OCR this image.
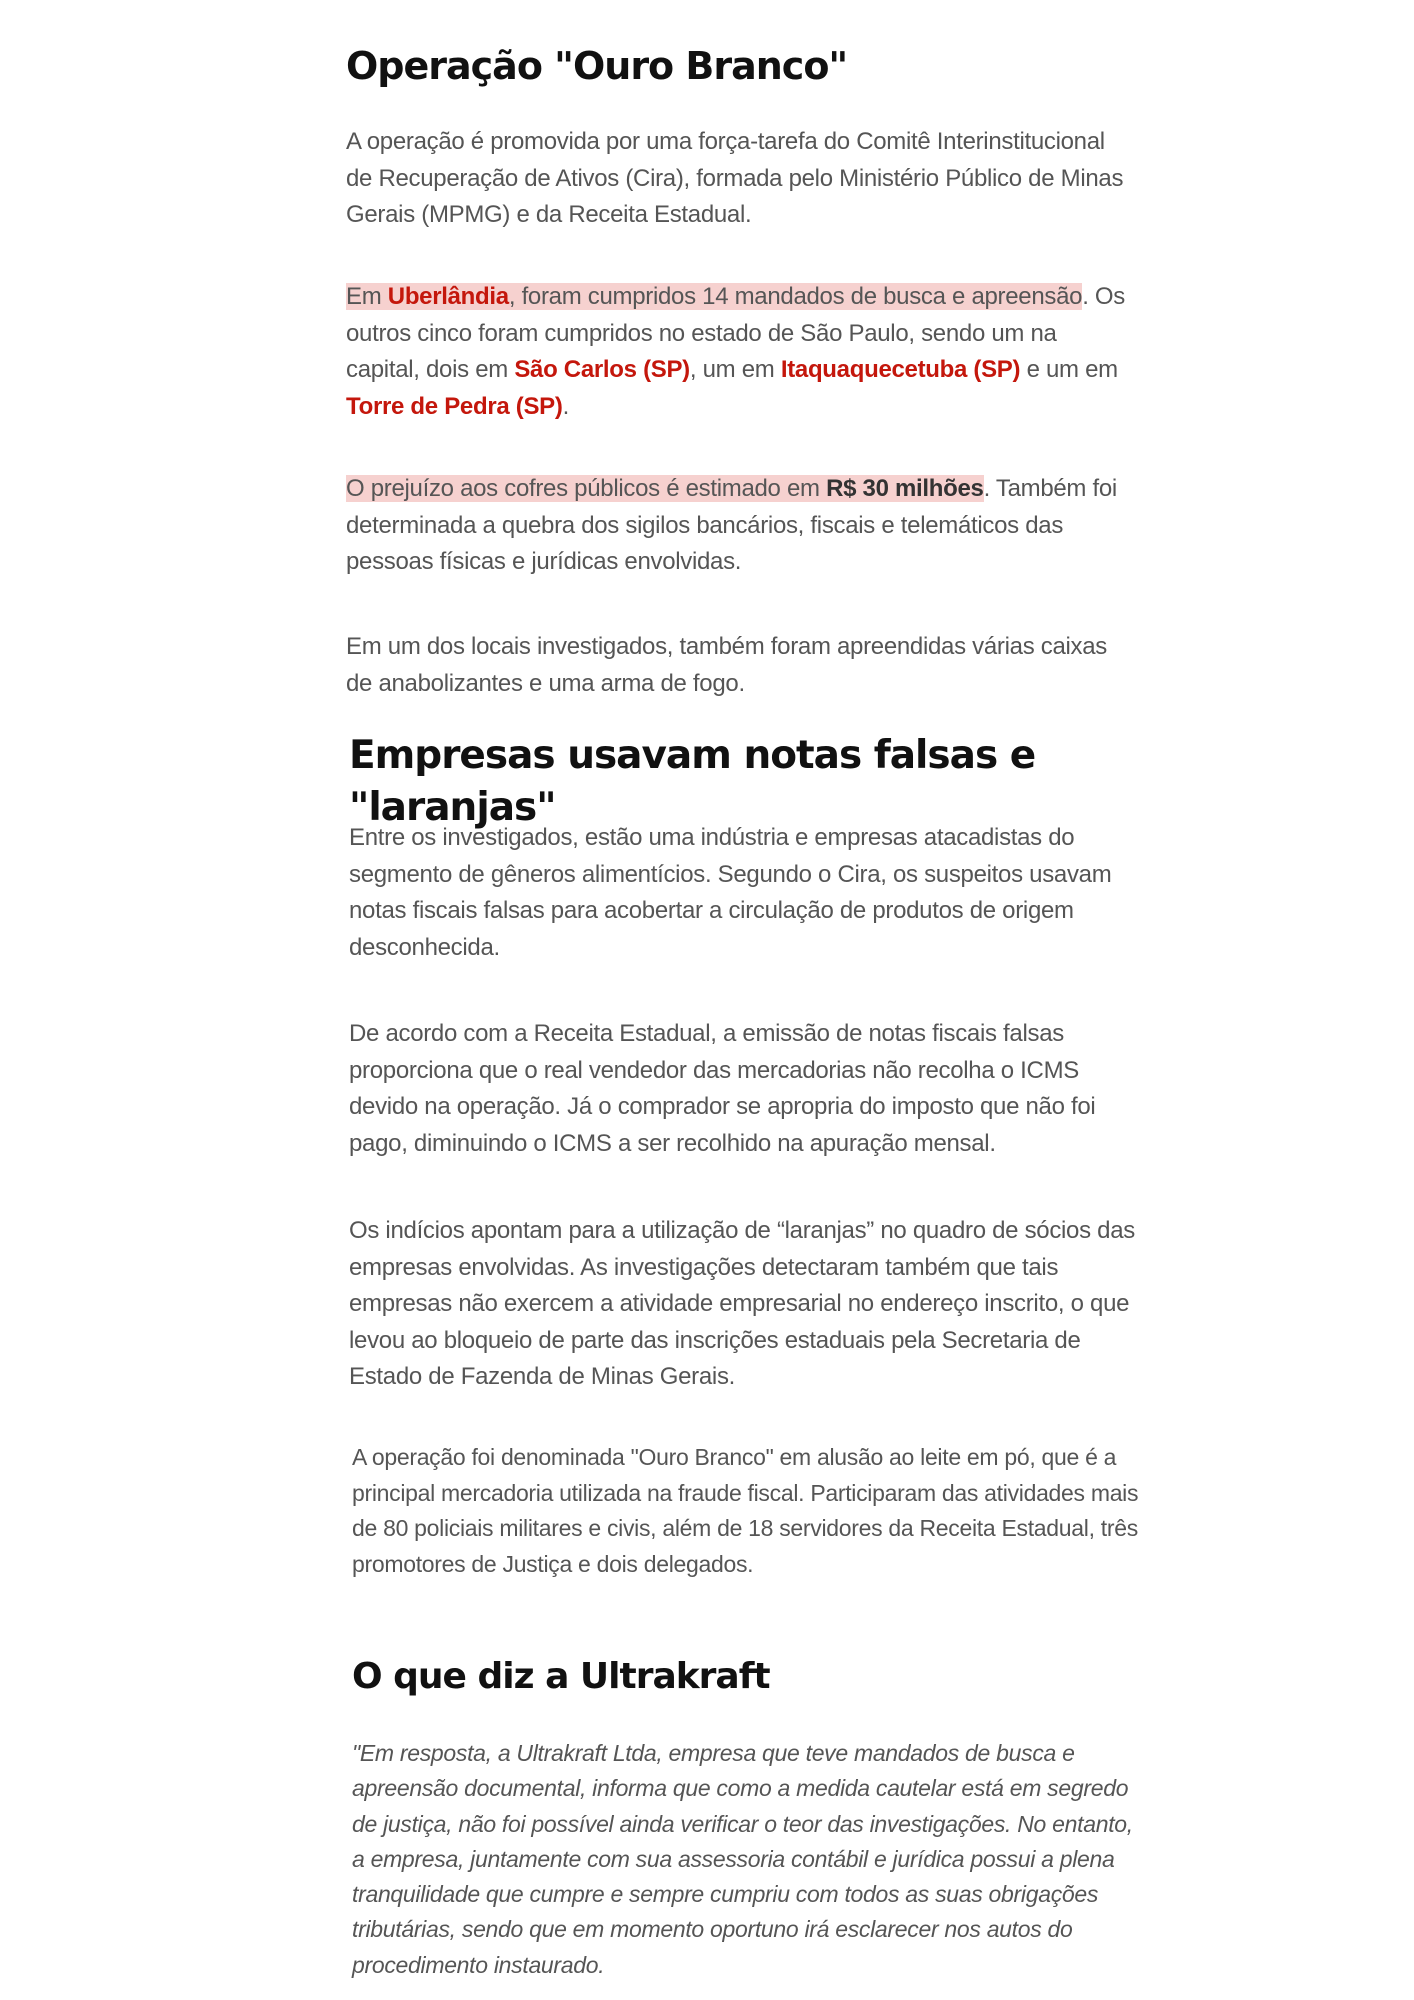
Operação "Ouro Branco"

A operação é promovida por uma força-tarefa do Comitê Interinstitucional de Recuperação de Ativos (Cira), formada pelo Ministério Público de Minas Gerais (MPMG) e da Receita Estadual.

Em Uberlândia, foram cumpridos 14 mandados de busca e apreensão. Os outros cinco foram cumpridos no estado de São Paulo, sendo um na capital, dois em São Carlos (SP), um em Itaquaquecetuba (SP) e um em Torre de Pedra (SP).

O prejuízo aos cofres públicos é estimado em R$ 30 milhões. Também foi determinada a quebra dos sigilos bancários, fiscais e telemáticos das pessoas físicas e jurídicas envolvidas.

Em um dos locais investigados, também foram apreendidas várias caixas de anabolizantes e uma arma de fogo.

Empresas usavam notas falsas e "laranjas"

Entre os investigados, estão uma indústria e empresas atacadistas do segmento de gêneros alimentícios. Segundo o Cira, os suspeitos usavam notas fiscais falsas para acobertar a circulação de produtos de origem desconhecida.

De acordo com a Receita Estadual, a emissão de notas fiscais falsas proporciona que o real vendedor das mercadorias não recolha o ICMS devido na operação. Já o comprador se apropria do imposto que não foi pago, diminuindo o ICMS a ser recolhido na apuração mensal.

Os indícios apontam para a utilização de “laranjas” no quadro de sócios das empresas envolvidas. As investigações detectaram também que tais empresas não exercem a atividade empresarial no endereço inscrito, o que levou ao bloqueio de parte das inscrições estaduais pela Secretaria de Estado de Fazenda de Minas Gerais.

A operação foi denominada "Ouro Branco" em alusão ao leite em pó, que é a principal mercadoria utilizada na fraude fiscal. Participaram das atividades mais de 80 policiais militares e civis, além de 18 servidores da Receita Estadual, três promotores de Justiça e dois delegados.

O que diz a Ultrakraft

"Em resposta, a Ultrakraft Ltda, empresa que teve mandados de busca e apreensão documental, informa que como a medida cautelar está em segredo de justiça, não foi possível ainda verificar o teor das investigações. No entanto, a empresa, juntamente com sua assessoria contábil e jurídica possui a plena tranquilidade que cumpre e sempre cumpriu com todos as suas obrigações tributárias, sendo que em momento oportuno irá esclarecer nos autos do procedimento instaurado.
